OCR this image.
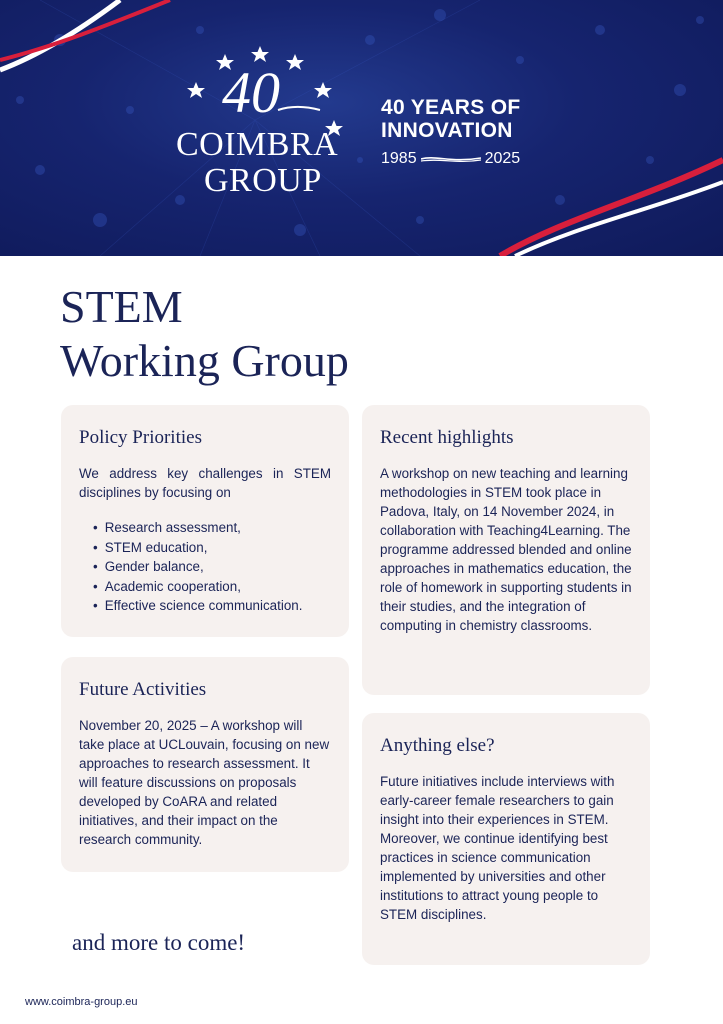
40
COIMBRA
GROUP
40 YEARS OF
INNOVATION
1985	2025
STEM
Working Group
Policy Priorities

We address key challenges in STEM disciplines by focusing on

• Research assessment,
• STEM education,
• Gender balance,
• Academic cooperation,
• Effective science communication.
Future Activities

November 20, 2025 – A workshop will take place at UCLouvain, focusing on new approaches to research assessment. It will feature discussions on proposals developed by CoARA and related initiatives, and their impact on the research community.

Recent highlights

A workshop on new teaching and learning methodologies in STEM took place in Padova, Italy, on 14 November 2024, in collaboration with Teaching4Learning. The programme addressed blended and online approaches in mathematics education, the role of homework in supporting students in their studies, and the integration of computing in chemistry classrooms.

Anything else?

Future initiatives include interviews with early-career female researchers to gain insight into their experiences in STEM. Moreover, we continue identifying best practices in science communication implemented by universities and other institutions to attract young people to STEM disciplines.

and more to come!
www.coimbra-group.eu
